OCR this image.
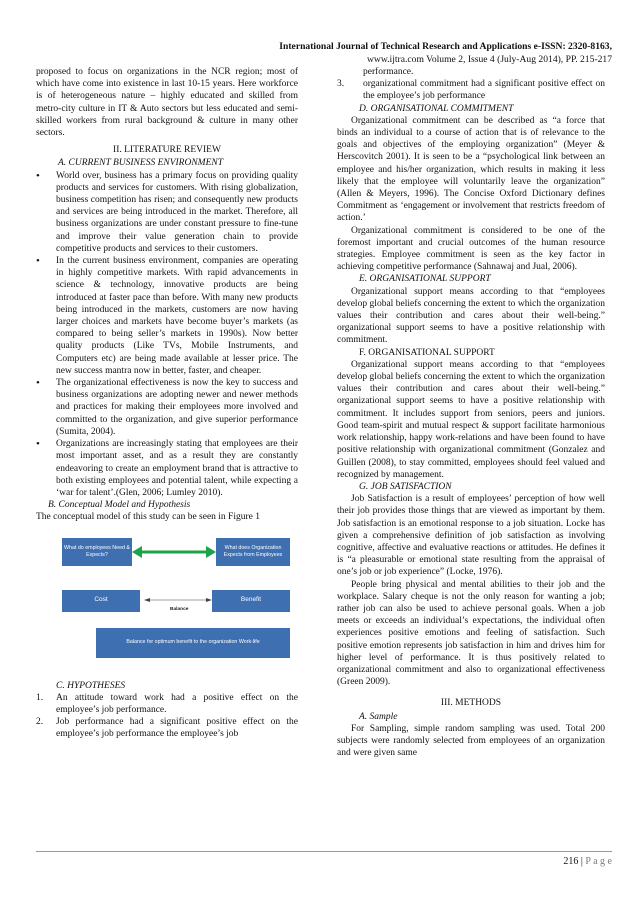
International Journal of Technical Research and Applications e-ISSN: 2320-8163,
www.ijtra.com Volume 2, Issue 4 (July-Aug 2014), PP. 215-217

proposed to focus on organizations in the NCR region; most of which have come into existence in last 10-15 years. Here workforce is of heterogeneous nature – highly educated and skilled from metro-city culture in IT & Auto sectors but less educated and semi-skilled workers from rural background & culture in many other sectors.

II. LITERATURE REVIEW

A. CURRENT BUSINESS ENVIRONMENT

• World over, business has a primary focus on providing quality products and services for customers. With rising globalization, business competition has risen; and consequently new products and services are being introduced in the market. Therefore, all business organizations are under constant pressure to fine-tune and improve their value generation chain to provide competitive products and services to their customers.
• In the current business environment, companies are operating in highly competitive markets. With rapid advancements in science & technology, innovative products are being introduced at faster pace than before. With many new products being introduced in the markets, customers are now having larger choices and markets have become buyer’s markets (as compared to being seller’s markets in 1990s). Now better quality products (Like TVs, Mobile Instruments, and Computers etc) are being made available at lesser price. The new success mantra now in better, faster, and cheaper.
• The organizational effectiveness is now the key to success and business organizations are adopting newer and newer methods and practices for making their employees more involved and committed to the organization, and give superior performance (Sumita, 2004).
• Organizations are increasingly stating that employees are their most important asset, and as a result they are constantly endeavoring to create an employment brand that is attractive to both existing employees and potential talent, while expecting a ‘war for talent’.(Glen, 2006; Lumley 2010).

B. Conceptual Model and Hypothesis

The conceptual model of this study can be seen in Figure 1

What do employees Need & Expects?
What does Organization Expects from Employees
Cost	Benefit
Balance
Balance for optimum benefit to the organization Work-life

C. HYPOTHESES

1. An attitude toward work had a positive effect on the employee’s job performance.
2. Job performance had a significant positive effect on the employee’s job performance the employee’s job

performance.

3. organizational commitment had a significant positive effect on the employee’s job performance

D. ORGANISATIONAL COMMITMENT

Organizational commitment can be described as “a force that binds an individual to a course of action that is of relevance to the goals and objectives of the employing organization” (Meyer & Herscovitch 2001). It is seen to be a “psychological link between an employee and his/her organization, which results in making it less likely that the employee will voluntarily leave the organization” (Allen & Meyers, 1996). The Concise Oxford Dictionary defines Commitment as ‘engagement or involvement that restricts freedom of action.’

Organizational commitment is considered to be one of the foremost important and crucial outcomes of the human resource strategies. Employee commitment is seen as the key factor in achieving competitive performance (Sahnawaj and Jual, 2006).

E. ORGANISATIONAL SUPPORT

Organizational support means according to that “employees develop global beliefs concerning the extent to which the organization values their contribution and cares about their well-being.” organizational support seems to have a positive relationship with commitment.

F. ORGANISATIONAL SUPPORT

Organizational support means according to that “employees develop global beliefs concerning the extent to which the organization values their contribution and cares about their well-being.” organizational support seems to have a positive relationship with commitment. It includes support from seniors, peers and juniors. Good team-spirit and mutual respect & support facilitate harmonious work relationship, happy work-relations and have been found to have positive relationship with organizational commitment (Gonzalez and Guillen (2008), to stay committed, employees should feel valued and recognized by management.

G. JOB SATISFACTION

Job Satisfaction is a result of employees’ perception of how well their job provides those things that are viewed as important by them. Job satisfaction is an emotional response to a job situation. Locke has given a comprehensive definition of job satisfaction as involving cognitive, affective and evaluative reactions or attitudes. He defines it is “a pleasurable or emotional state resulting from the appraisal of one’s job or job experience” (Locke, 1976).

People bring physical and mental abilities to their job and the workplace. Salary cheque is not the only reason for wanting a job; rather job can also be used to achieve personal goals. When a job meets or exceeds an individual’s expectations, the individual often experiences positive emotions and feeling of satisfaction. Such positive emotion represents job satisfaction in him and drives him for higher level of performance. It is thus positively related to organizational commitment and also to organizational effectiveness (Green 2009).

III. METHODS

A. Sample

For Sampling, simple random sampling was used. Total 200 subjects were randomly selected from employees of an organization and were given same

216 | P a g e
